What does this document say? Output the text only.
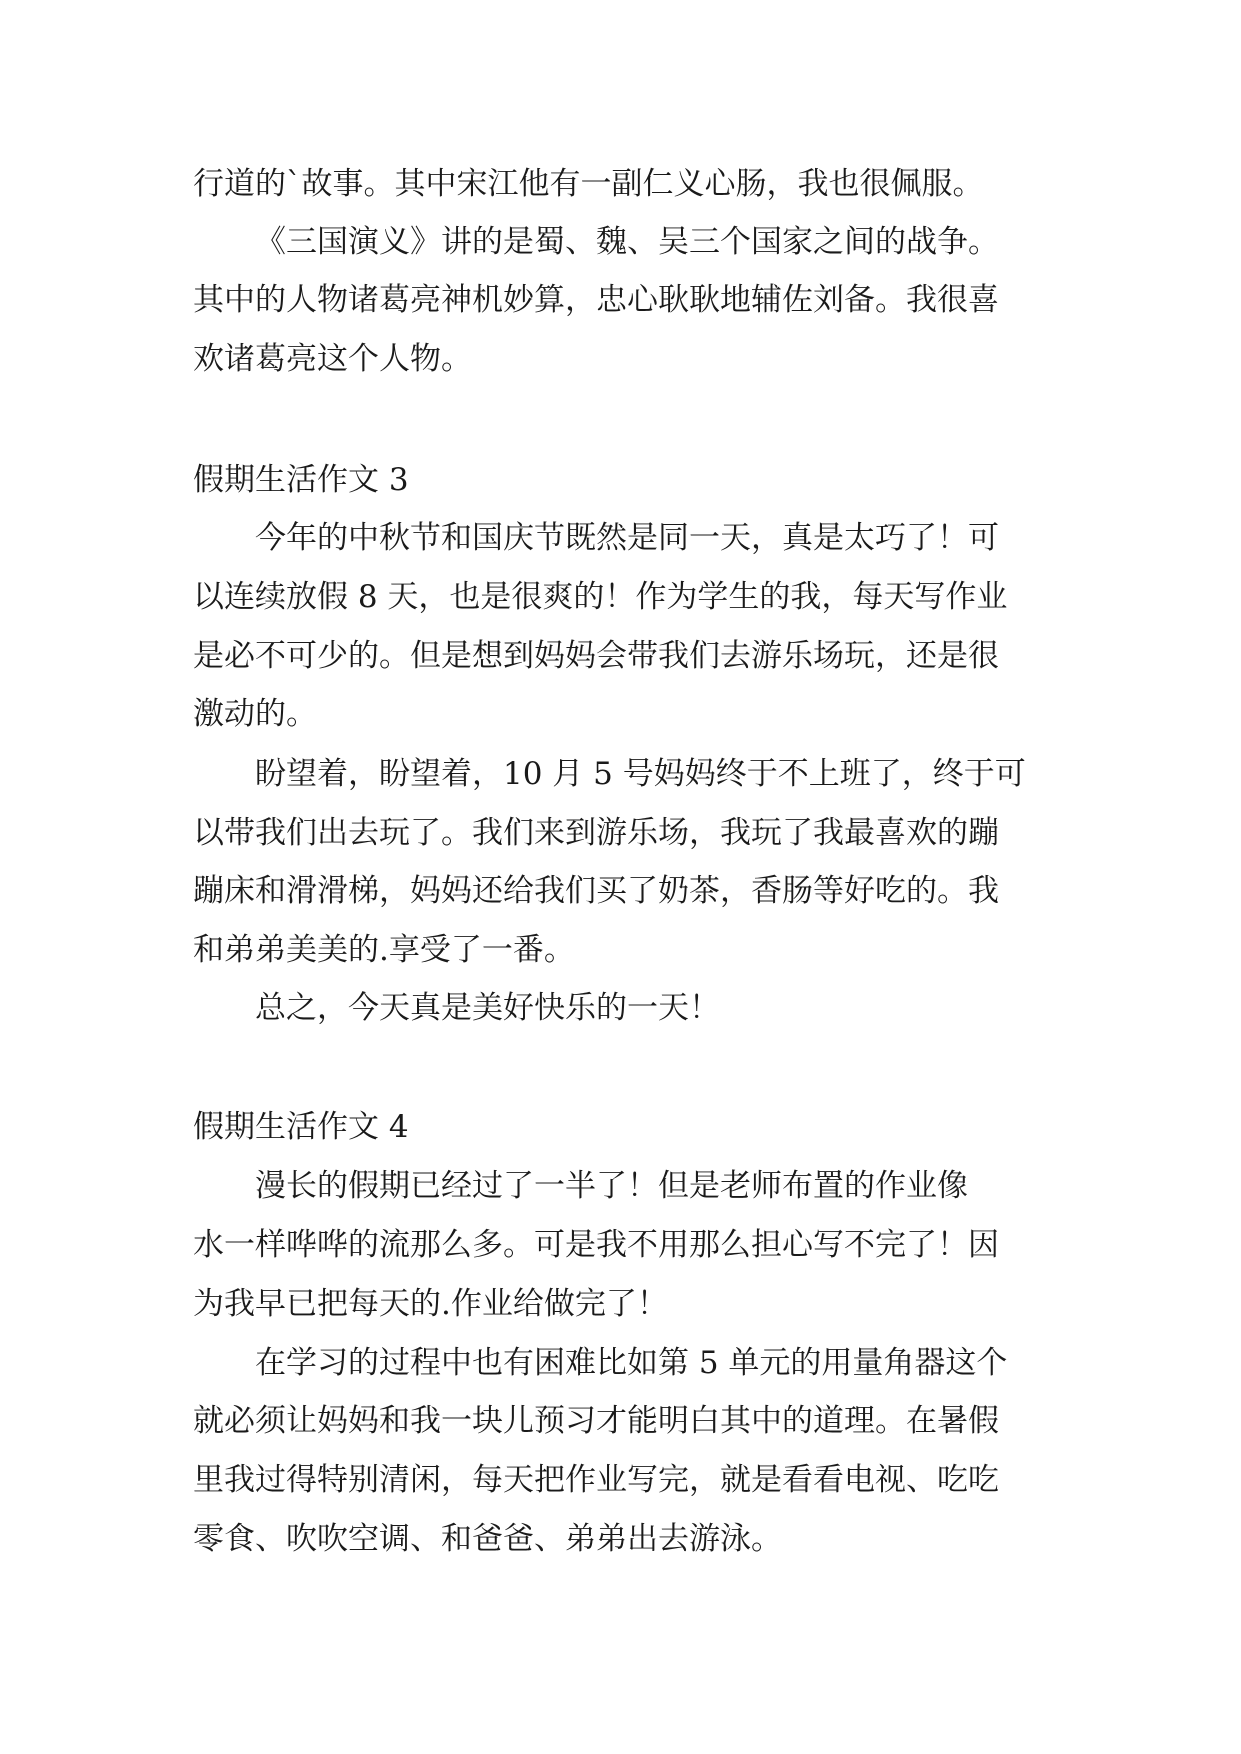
行道的`故事。其中宋江他有一副仁义心肠，我也很佩服。
《三国演义》讲的是蜀、魏、吴三个国家之间的战争。
其中的人物诸葛亮神机妙算，忠心耿耿地辅佐刘备。我很喜
欢诸葛亮这个人物。
假期生活作文 3
今年的中秋节和国庆节既然是同一天，真是太巧了！可
以连续放假 8 天，也是很爽的！作为学生的我，每天写作业
是必不可少的。但是想到妈妈会带我们去游乐场玩，还是很
激动的。
盼望着，盼望着，10 月 5 号妈妈终于不上班了，终于可
以带我们出去玩了。我们来到游乐场，我玩了我最喜欢的蹦
蹦床和滑滑梯，妈妈还给我们买了奶茶，香肠等好吃的。我
和弟弟美美的.享受了一番。
总之，今天真是美好快乐的一天！
假期生活作文 4
漫长的假期已经过了一半了！但是老师布置的作业像
水一样哗哗的流那么多。可是我不用那么担心写不完了！因
为我早已把每天的.作业给做完了！
在学习的过程中也有困难比如第 5 单元的用量角器这个
就必须让妈妈和我一块儿预习才能明白其中的道理。在暑假
里我过得特别清闲，每天把作业写完，就是看看电视、吃吃
零食、吹吹空调、和爸爸、弟弟出去游泳。
